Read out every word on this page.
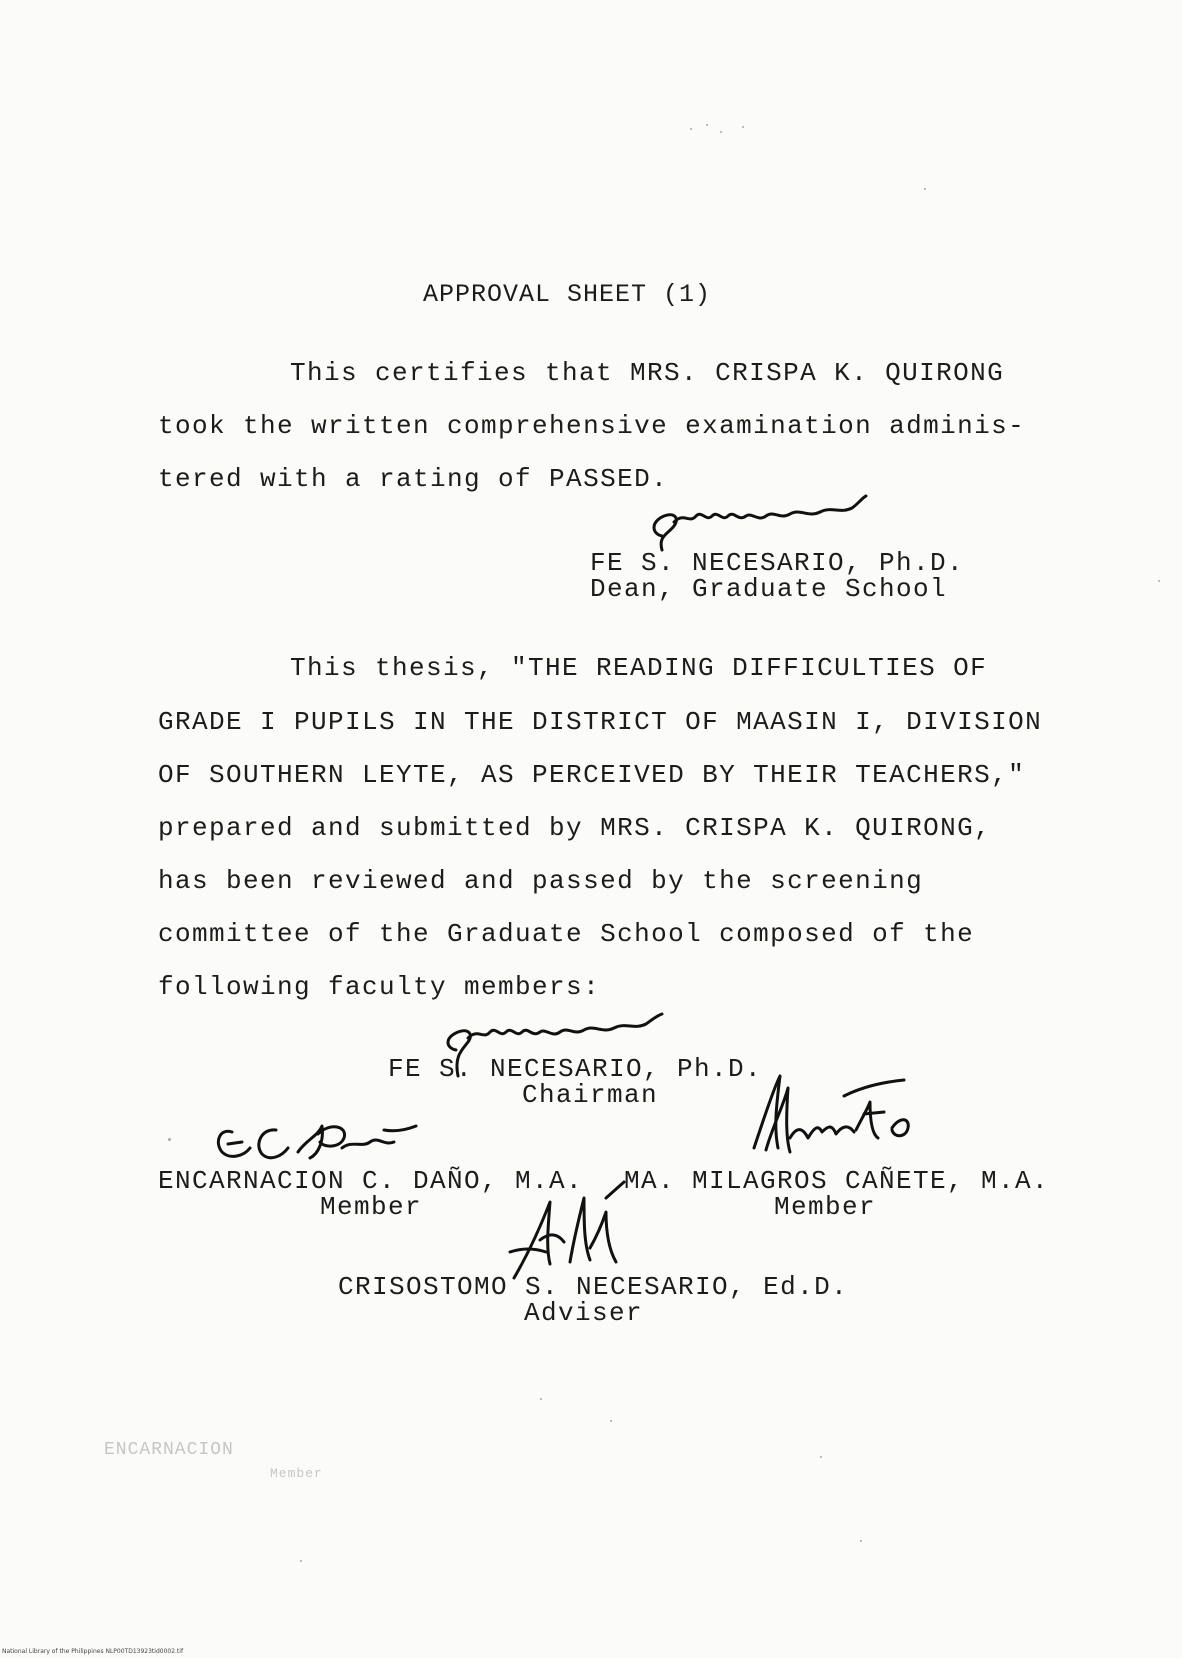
APPROVAL SHEET (1)
This certifies that MRS. CRISPA K. QUIRONG
took the written comprehensive examination adminis-
tered with a rating of PASSED.
FE S. NECESARIO, Ph.D.
Dean, Graduate School
This thesis, "THE READING DIFFICULTIES OF
GRADE I PUPILS IN THE DISTRICT OF MAASIN I, DIVISION
OF SOUTHERN LEYTE, AS PERCEIVED BY THEIR TEACHERS,"
prepared and submitted by MRS. CRISPA K. QUIRONG,
has been reviewed and passed by the screening
committee of the Graduate School composed of the
following faculty members:
FE S. NECESARIO, Ph.D.
Chairman
ENCARNACION C. DAÑO, M.A.
Member
MA. MILAGROS CAÑETE, M.A.
Member
CRISOSTOMO S. NECESARIO, Ed.D.
Adviser
ENCARNACION
Member
National Library of the Philippines NLP00TD13923tid0002.tif
